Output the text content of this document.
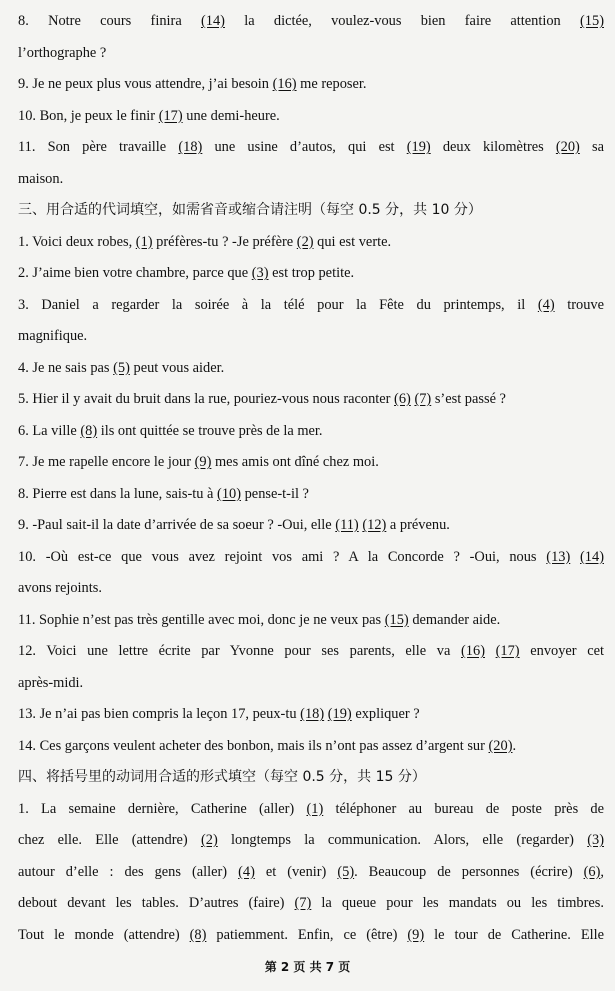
8. Notre cours finira (14) la dictée, voulez-vous bien faire attention (15)
l’orthographe ?
9. Je ne peux plus vous attendre, j’ai besoin (16) me reposer.
10. Bon, je peux le finir (17) une demi-heure.
11. Son père travaille (18) une usine d’autos, qui est (19) deux kilomètres (20) sa
maison.
三、用合适的代词填空，如需省音或缩合请注明（每空 0.5 分，共 10 分）
1. Voici deux robes, (1) préfères-tu ? -Je préfère (2) qui est verte.
2. J’aime bien votre chambre, parce que (3) est trop petite.
3. Daniel a regarder la soirée à la télé pour la Fête du printemps, il (4) trouve
magnifique.
4. Je ne sais pas (5) peut vous aider.
5. Hier il y avait du bruit dans la rue, pouriez-vous nous raconter (6) (7) s’est passé ?
6. La ville (8) ils ont quittée se trouve près de la mer.
7. Je me rapelle encore le jour (9) mes amis ont dîné chez moi.
8. Pierre est dans la lune, sais-tu à (10) pense-t-il ?
9. -Paul sait-il la date d’arrivée de sa soeur ? -Oui, elle (11) (12) a prévenu.
10. -Où est-ce que vous avez rejoint vos ami ? A la Concorde ? -Oui, nous (13) (14)
avons rejoints.
11. Sophie n’est pas très gentille avec moi, donc je ne veux pas (15) demander aide.
12. Voici une lettre écrite par Yvonne pour ses parents, elle va (16) (17) envoyer cet
après-midi.
13. Je n’ai pas bien compris la leçon 17, peux-tu (18) (19) expliquer ?
14. Ces garçons veulent acheter des bonbon, mais ils n’ont pas assez d’argent sur (20).
四、将括号里的动词用合适的形式填空（每空 0.5 分，共 15 分）
1. La semaine dernière, Catherine (aller) (1) téléphoner au bureau de poste près de
chez elle. Elle (attendre) (2) longtemps la communication. Alors, elle (regarder) (3)
autour d’elle : des gens (aller) (4) et (venir) (5). Beaucoup de personnes (écrire) (6),
debout devant les tables. D’autres (faire) (7) la queue pour les mandats ou les timbres.
Tout le monde (attendre) (8) patiemment. Enfin, ce (être) (9) le tour de Catherine. Elle
第 2 页 共 7 页
